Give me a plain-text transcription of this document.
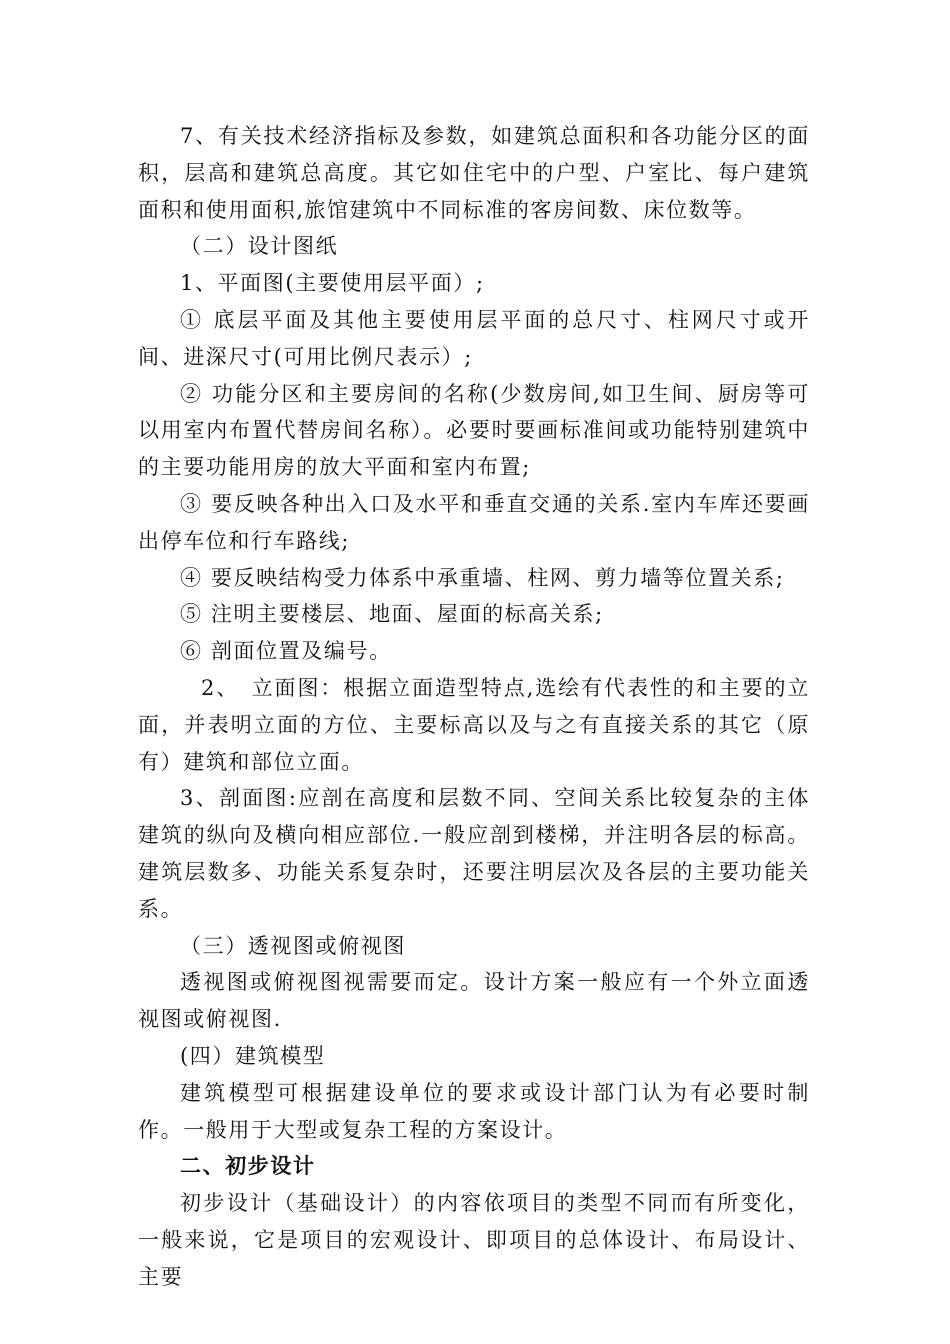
7、有关技术经济指标及参数，如建筑总面积和各功能分区的面积，层高和建筑总高度。其它如住宅中的户型、户室比、每户建筑面积和使用面积,旅馆建筑中不同标准的客房间数、床位数等。

（二）设计图纸

1、平面图(主要使用层平面）;

① 底层平面及其他主要使用层平面的总尺寸、柱网尺寸或开间、进深尺寸(可用比例尺表示）;

② 功能分区和主要房间的名称(少数房间,如卫生间、厨房等可以用室内布置代替房间名称）。必要时要画标准间或功能特别建筑中的主要功能用房的放大平面和室内布置;

③ 要反映各种出入口及水平和垂直交通的关系.室内车库还要画出停车位和行车路线;

④ 要反映结构受力体系中承重墙、柱网、剪力墙等位置关系;

⑤ 注明主要楼层、地面、屋面的标高关系;

⑥ 剖面位置及编号。

2、　立面图：根据立面造型特点,选绘有代表性的和主要的立面，并表明立面的方位、主要标高以及与之有直接关系的其它（原有）建筑和部位立面。

3、剖面图:应剖在高度和层数不同、空间关系比较复杂的主体建筑的纵向及横向相应部位.一般应剖到楼梯，并注明各层的标高。建筑层数多、功能关系复杂时，还要注明层次及各层的主要功能关系。

（三）透视图或俯视图

透视图或俯视图视需要而定。设计方案一般应有一个外立面透视图或俯视图.

(四）建筑模型

建筑模型可根据建设单位的要求或设计部门认为有必要时制作。一般用于大型或复杂工程的方案设计。

二、初步设计

初步设计（基础设计）的内容依项目的类型不同而有所变化，一般来说，它是项目的宏观设计、即项目的总体设计、布局设计、主要
